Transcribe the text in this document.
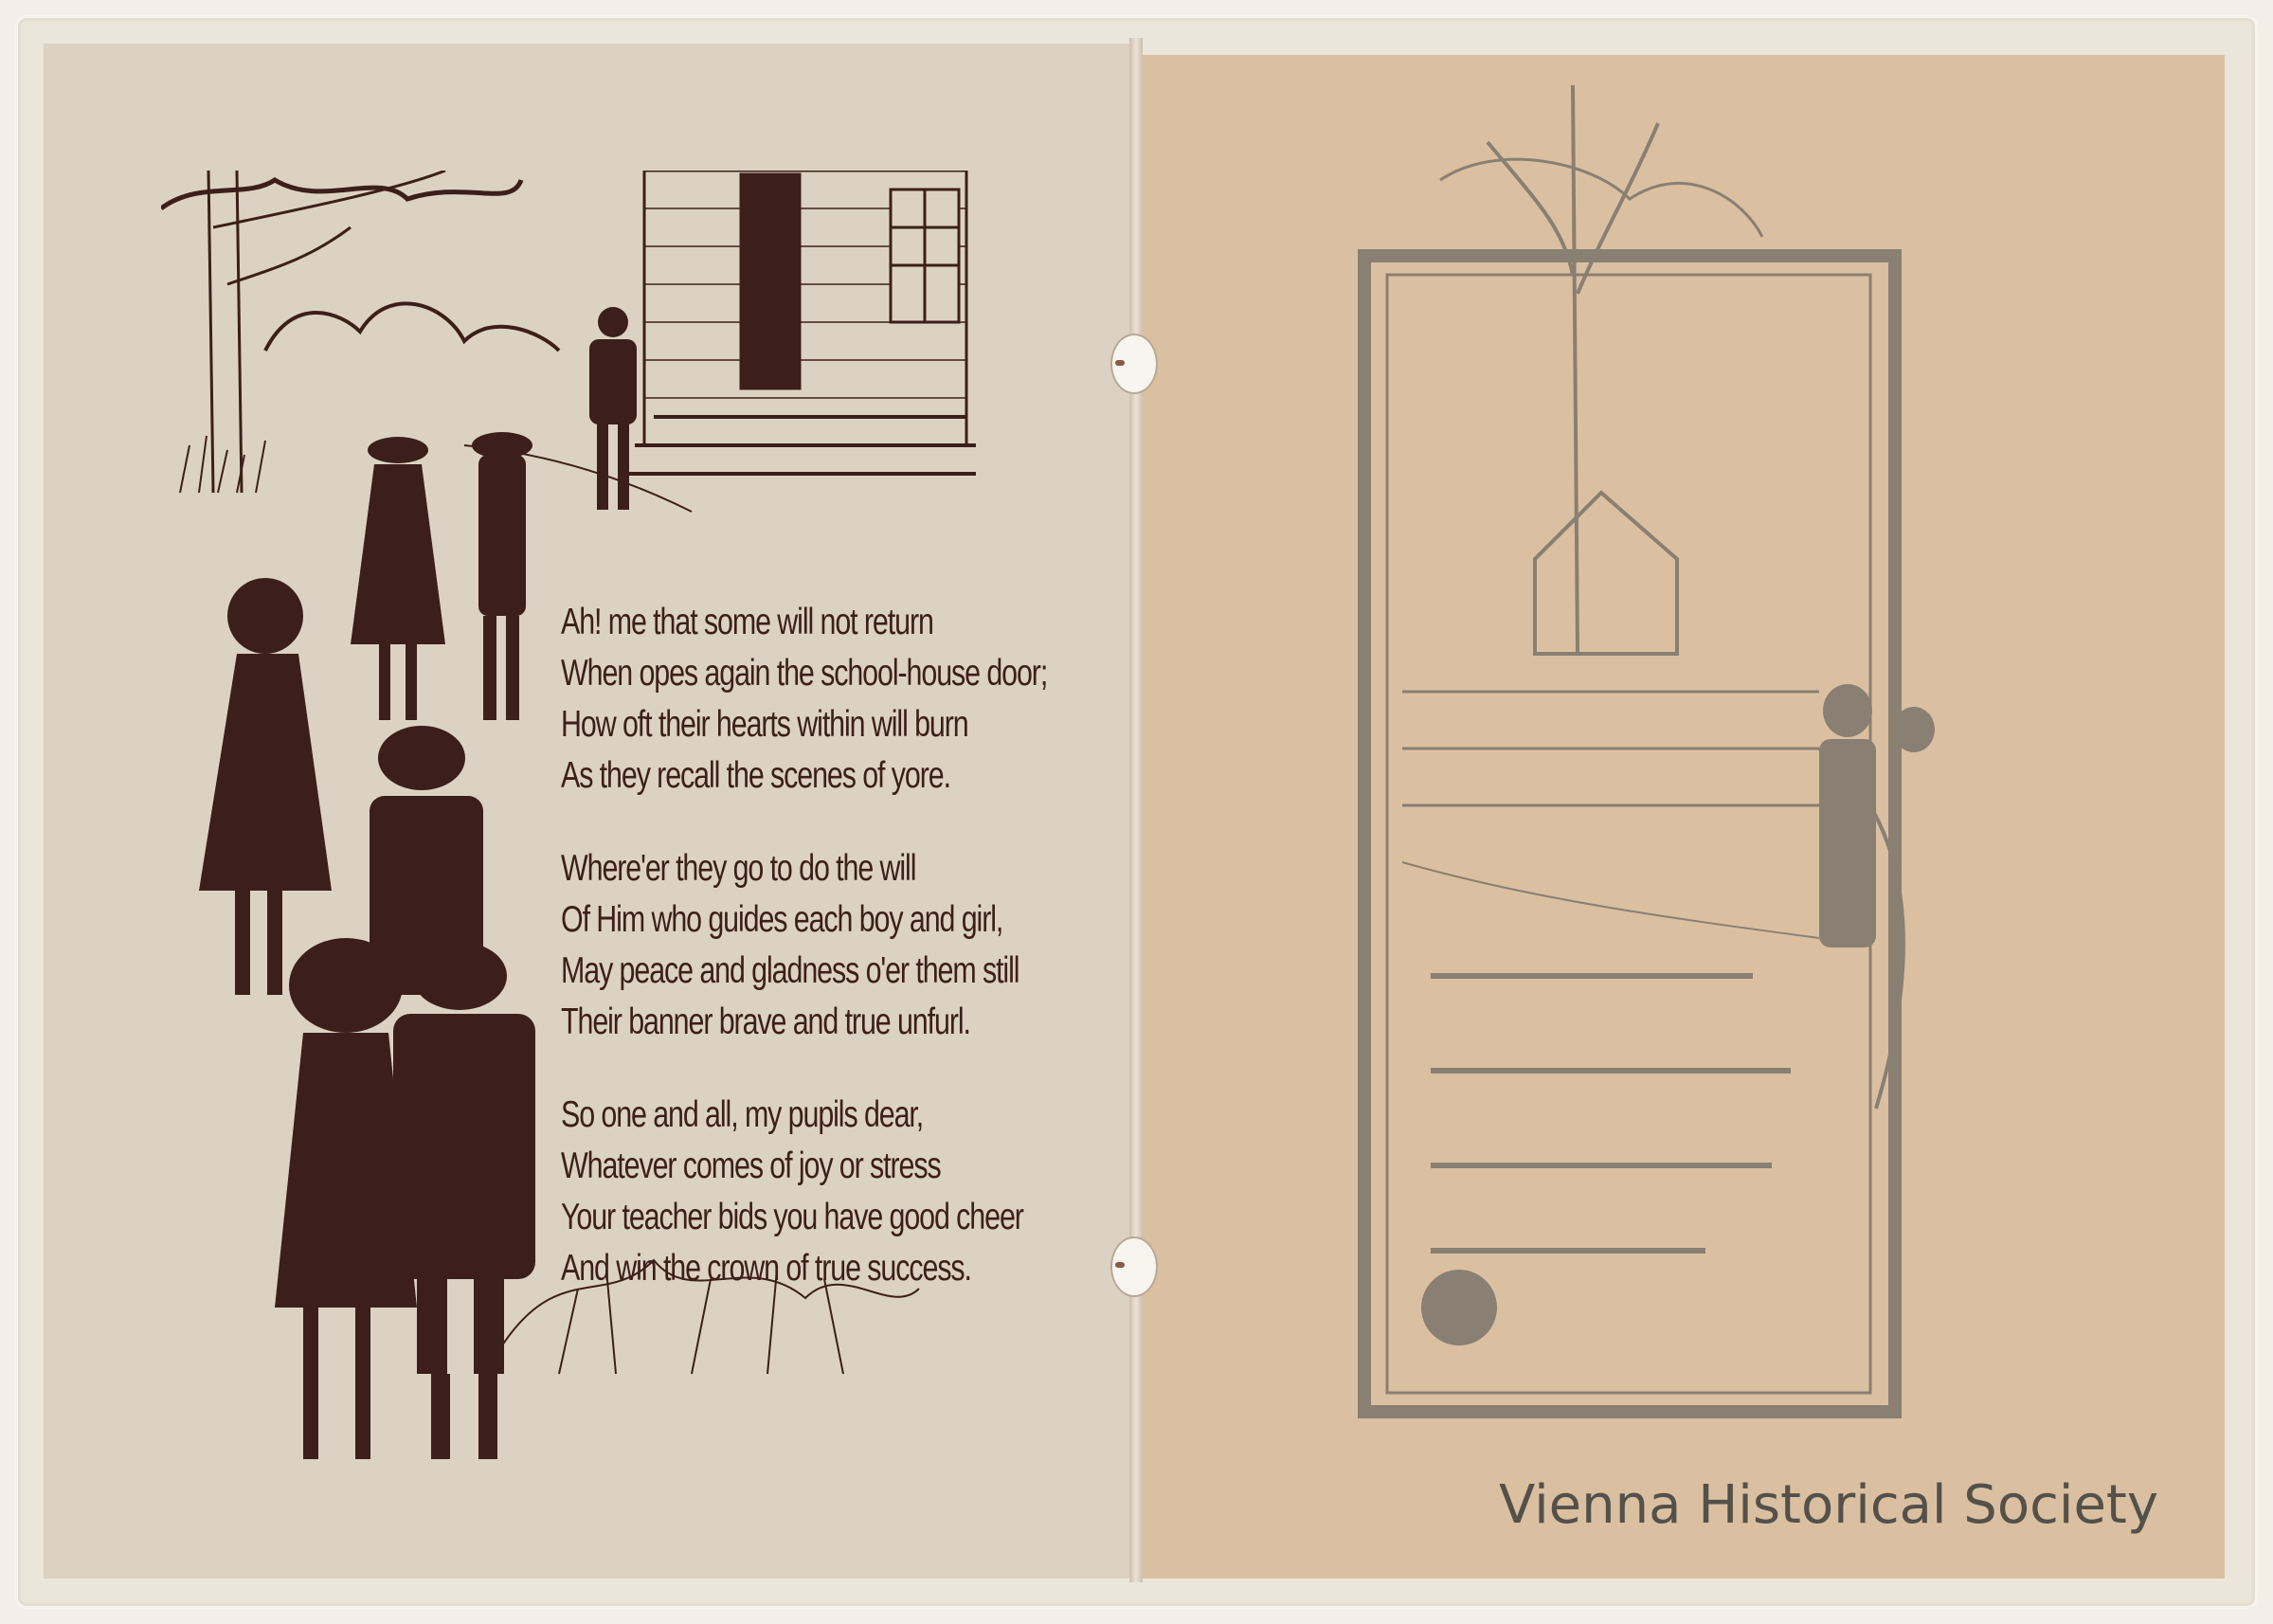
Ah! me that some will not return
When opes again the school-house door;
How oft their hearts within will burn
As they recall the scenes of yore.
Where'er they go to do the will
Of Him who guides each boy and girl,
May peace and gladness o'er them still
Their banner brave and true unfurl.
So one and all, my pupils dear,
Whatever comes of joy or stress
Your teacher bids you have good cheer
And win the crown of true success.
Vienna Historical Society
